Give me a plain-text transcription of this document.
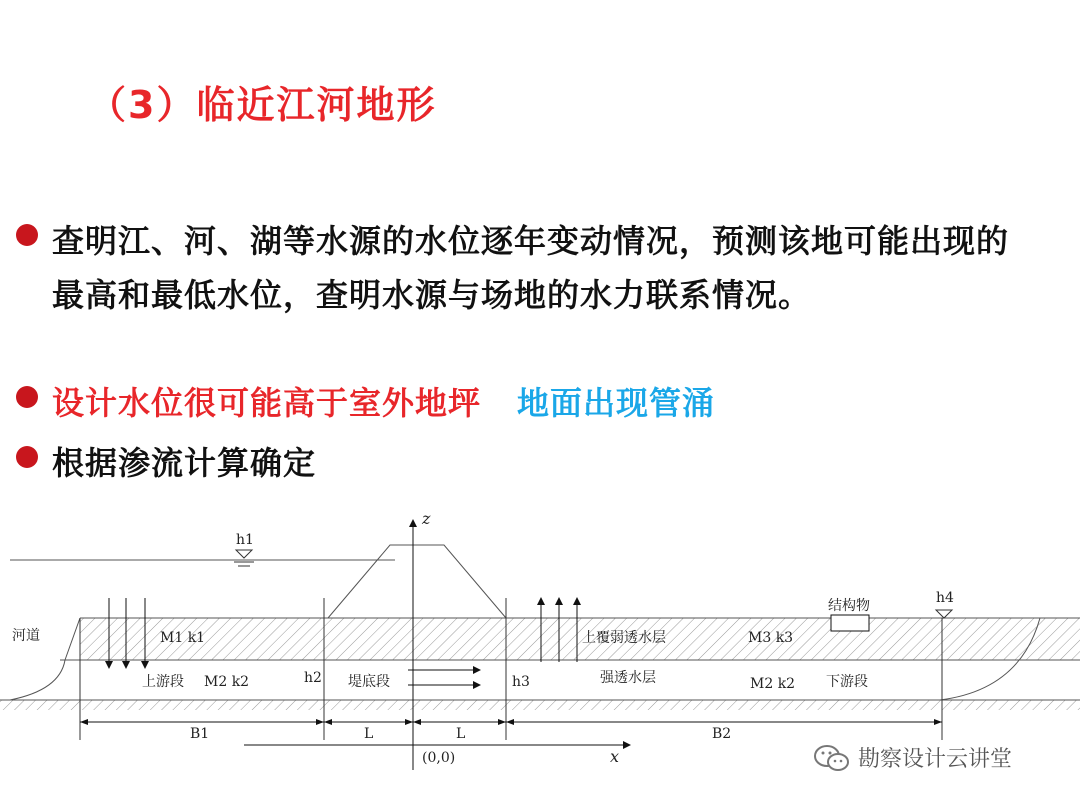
（3）临近江河地形
查明江、河、湖等水源的水位逐年变动情况，预测该地可能出现的最高和最低水位，查明水源与场地的水力联系情况。
设计水位很可能高于室外地坪 地面出现管涌
根据渗流计算确定
z
x
(0,0)
h1
h2	h3
h4
河道	M1 k1
上游段 M2 k2	堤底段
上覆弱透水层
强透水层
M3 k3
M2 k2 下游段
结构物
B1	L	L	B2
勘察设计云讲堂
